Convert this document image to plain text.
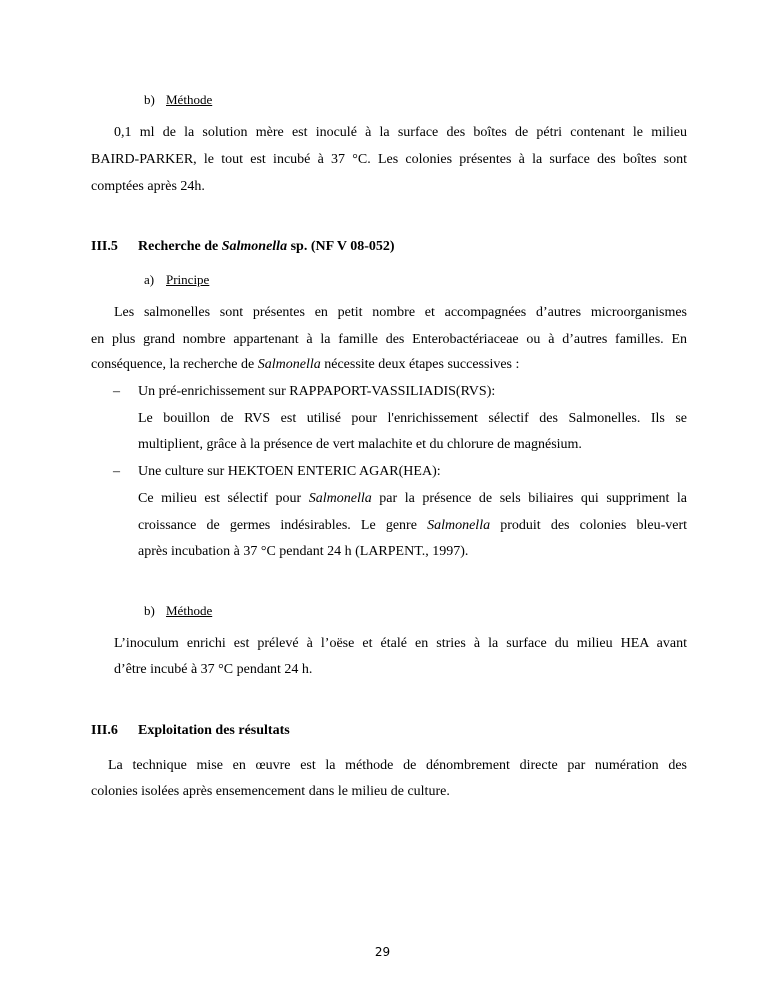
b) Méthode
0,1 ml de la solution mère est inoculé à la surface des boîtes de pétri contenant le milieu
BAIRD-PARKER, le tout est incubé à 37 °C. Les colonies présentes à la surface des boîtes sont
comptées après 24h.
III.5 Recherche de Salmonella sp. (NF V 08-052)
a) Principe
Les salmonelles sont présentes en petit nombre et accompagnées d’autres microorganismes
en plus grand nombre appartenant à la famille des Enterobactériaceae ou à d’autres familles. En
conséquence, la recherche de Salmonella nécessite deux étapes successives :
– Un pré-enrichissement sur RAPPAPORT-VASSILIADIS(RVS):
Le bouillon de RVS est utilisé pour l'enrichissement sélectif des Salmonelles. Ils se
multiplient, grâce à la présence de vert malachite et du chlorure de magnésium.
– Une culture sur HEKTOEN ENTERIC AGAR(HEA):
Ce milieu est sélectif pour Salmonella par la présence de sels biliaires qui suppriment la
croissance de germes indésirables. Le genre Salmonella produit des colonies bleu-vert
après incubation à 37 °C pendant 24 h (LARPENT., 1997).
b) Méthode
L’inoculum enrichi est prélevé à l’oëse et étalé en stries à la surface du milieu HEA avant
d’être incubé à 37 °C pendant 24 h.
III.6 Exploitation des résultats
La technique mise en œuvre est la méthode de dénombrement directe par numération des
colonies isolées après ensemencement dans le milieu de culture.
29
